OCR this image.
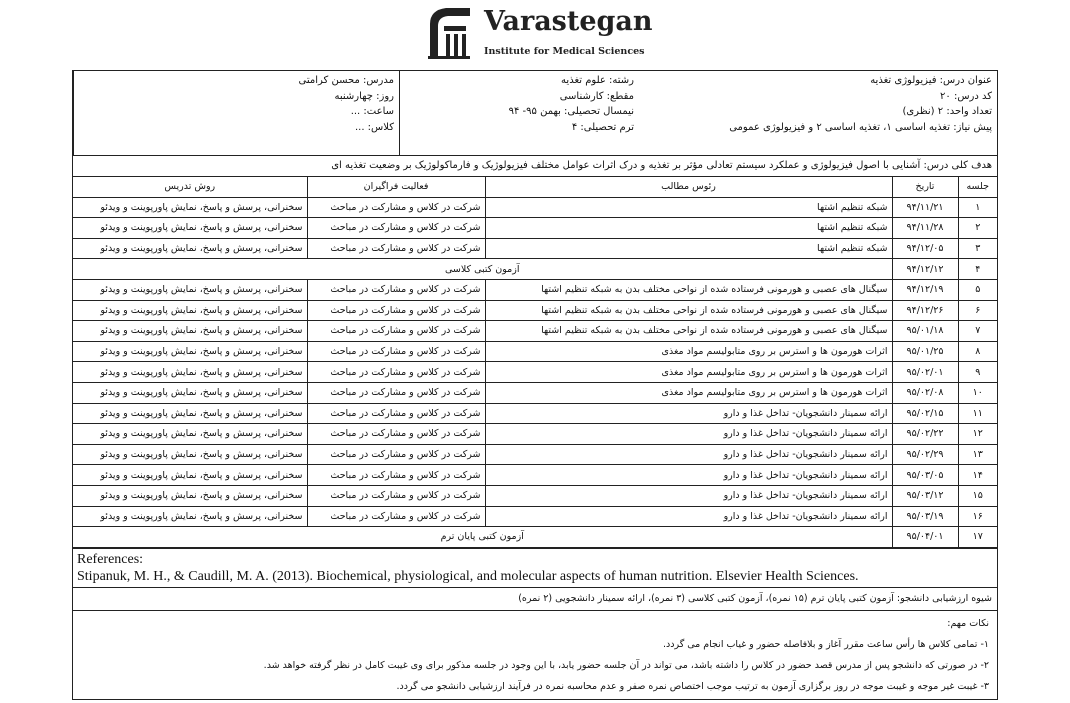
Varastegan
Institute for Medical Sciences
عنوان درس: فیزیولوژی تغذیه
کد درس: ۲۰
تعداد واحد: ۲ (نظری)
پیش نیاز: تغذیه اساسی ۱، تغذیه اساسی ۲ و فیزیولوژی عمومی
رشته: علوم تغذیه
مقطع: کارشناسی
نیمسال تحصیلی: بهمن ۹۵- ۹۴
ترم تحصیلی: ۴
مدرس: محسن کرامتی
روز: چهارشنبه
ساعت: ...
کلاس: ...
هدف کلی درس: آشنایی با اصول فیزیولوژی و عملکرد سیستم تعادلی مؤثر بر تغذیه و درک اثرات عوامل مختلف فیزیولوژیک و فارماکولوژیک بر وضعیت تغذیه ای
جلسه	تاریخ	رئوس مطالب	فعالیت فراگیران	روش تدریس
۱	۹۴/۱۱/۲۱	شبکه تنظیم اشتها	شرکت در کلاس و مشارکت در مباحث	سخنرانی، پرسش و پاسخ، نمایش پاورپوینت و ویدئو
۲	۹۴/۱۱/۲۸	شبکه تنظیم اشتها	شرکت در کلاس و مشارکت در مباحث	سخنرانی، پرسش و پاسخ، نمایش پاورپوینت و ویدئو
۳	۹۴/۱۲/۰۵	شبکه تنظیم اشتها	شرکت در کلاس و مشارکت در مباحث	سخنرانی، پرسش و پاسخ، نمایش پاورپوینت و ویدئو
۴	۹۴/۱۲/۱۲	آزمون کتبی کلاسی		
۵	۹۴/۱۲/۱۹	سیگنال های عصبی و هورمونی فرستاده شده از نواحی مختلف بدن به شبکه تنظیم اشتها	شرکت در کلاس و مشارکت در مباحث	سخنرانی، پرسش و پاسخ، نمایش پاورپوینت و ویدئو
۶	۹۴/۱۲/۲۶	سیگنال های عصبی و هورمونی فرستاده شده از نواحی مختلف بدن به شبکه تنظیم اشتها	شرکت در کلاس و مشارکت در مباحث	سخنرانی، پرسش و پاسخ، نمایش پاورپوینت و ویدئو
۷	۹۵/۰۱/۱۸	سیگنال های عصبی و هورمونی فرستاده شده از نواحی مختلف بدن به شبکه تنظیم اشتها	شرکت در کلاس و مشارکت در مباحث	سخنرانی، پرسش و پاسخ، نمایش پاورپوینت و ویدئو
۸	۹۵/۰۱/۲۵	اثرات هورمون ها و استرس بر روی متابولیسم مواد مغذی	شرکت در کلاس و مشارکت در مباحث	سخنرانی، پرسش و پاسخ، نمایش پاورپوینت و ویدئو
۹	۹۵/۰۲/۰۱	اثرات هورمون ها و استرس بر روی متابولیسم مواد مغذی	شرکت در کلاس و مشارکت در مباحث	سخنرانی، پرسش و پاسخ، نمایش پاورپوینت و ویدئو
۱۰	۹۵/۰۲/۰۸	اثرات هورمون ها و استرس بر روی متابولیسم مواد مغذی	شرکت در کلاس و مشارکت در مباحث	سخنرانی، پرسش و پاسخ، نمایش پاورپوینت و ویدئو
۱۱	۹۵/۰۲/۱۵	ارائه سمینار دانشجویان- تداخل غذا و دارو	شرکت در کلاس و مشارکت در مباحث	سخنرانی، پرسش و پاسخ، نمایش پاورپوینت و ویدئو
۱۲	۹۵/۰۲/۲۲	ارائه سمینار دانشجویان- تداخل غذا و دارو	شرکت در کلاس و مشارکت در مباحث	سخنرانی، پرسش و پاسخ، نمایش پاورپوینت و ویدئو
۱۳	۹۵/۰۲/۲۹	ارائه سمینار دانشجویان- تداخل غذا و دارو	شرکت در کلاس و مشارکت در مباحث	سخنرانی، پرسش و پاسخ، نمایش پاورپوینت و ویدئو
۱۴	۹۵/۰۳/۰۵	ارائه سمینار دانشجویان- تداخل غذا و دارو	شرکت در کلاس و مشارکت در مباحث	سخنرانی، پرسش و پاسخ، نمایش پاورپوینت و ویدئو
۱۵	۹۵/۰۳/۱۲	ارائه سمینار دانشجویان- تداخل غذا و دارو	شرکت در کلاس و مشارکت در مباحث	سخنرانی، پرسش و پاسخ، نمایش پاورپوینت و ویدئو
۱۶	۹۵/۰۳/۱۹	ارائه سمینار دانشجویان- تداخل غذا و دارو	شرکت در کلاس و مشارکت در مباحث	سخنرانی، پرسش و پاسخ، نمایش پاورپوینت و ویدئو
۱۷	۹۵/۰۴/۰۱	آزمون کتبی پایان ترم		
References:
Stipanuk, M. H., & Caudill, M. A. (2013). Biochemical, physiological, and molecular aspects of human nutrition. Elsevier Health Sciences.
شیوه ارزشیابی دانشجو: آزمون کتبی پایان ترم (۱۵ نمره)، آزمون کتبی کلاسی (۳ نمره)، ارائه سمینار دانشجویی (۲ نمره)
نکات مهم:
۱- تمامی کلاس ها رأس ساعت مقرر آغاز و بلافاصله حضور و غیاب انجام می گردد.
۲- در صورتی که دانشجو پس از مدرس قصد حضور در کلاس را داشته باشد، می تواند در آن جلسه حضور یابد، با این وجود در جلسه مذکور برای وی غیبت کامل در نظر گرفته خواهد شد.
۳- غیبت غیر موجه و غیبت موجه در روز برگزاری آزمون به ترتیب موجب اختصاص نمره صفر و عدم محاسبه نمره در فرآیند ارزشیابی دانشجو می گردد.
